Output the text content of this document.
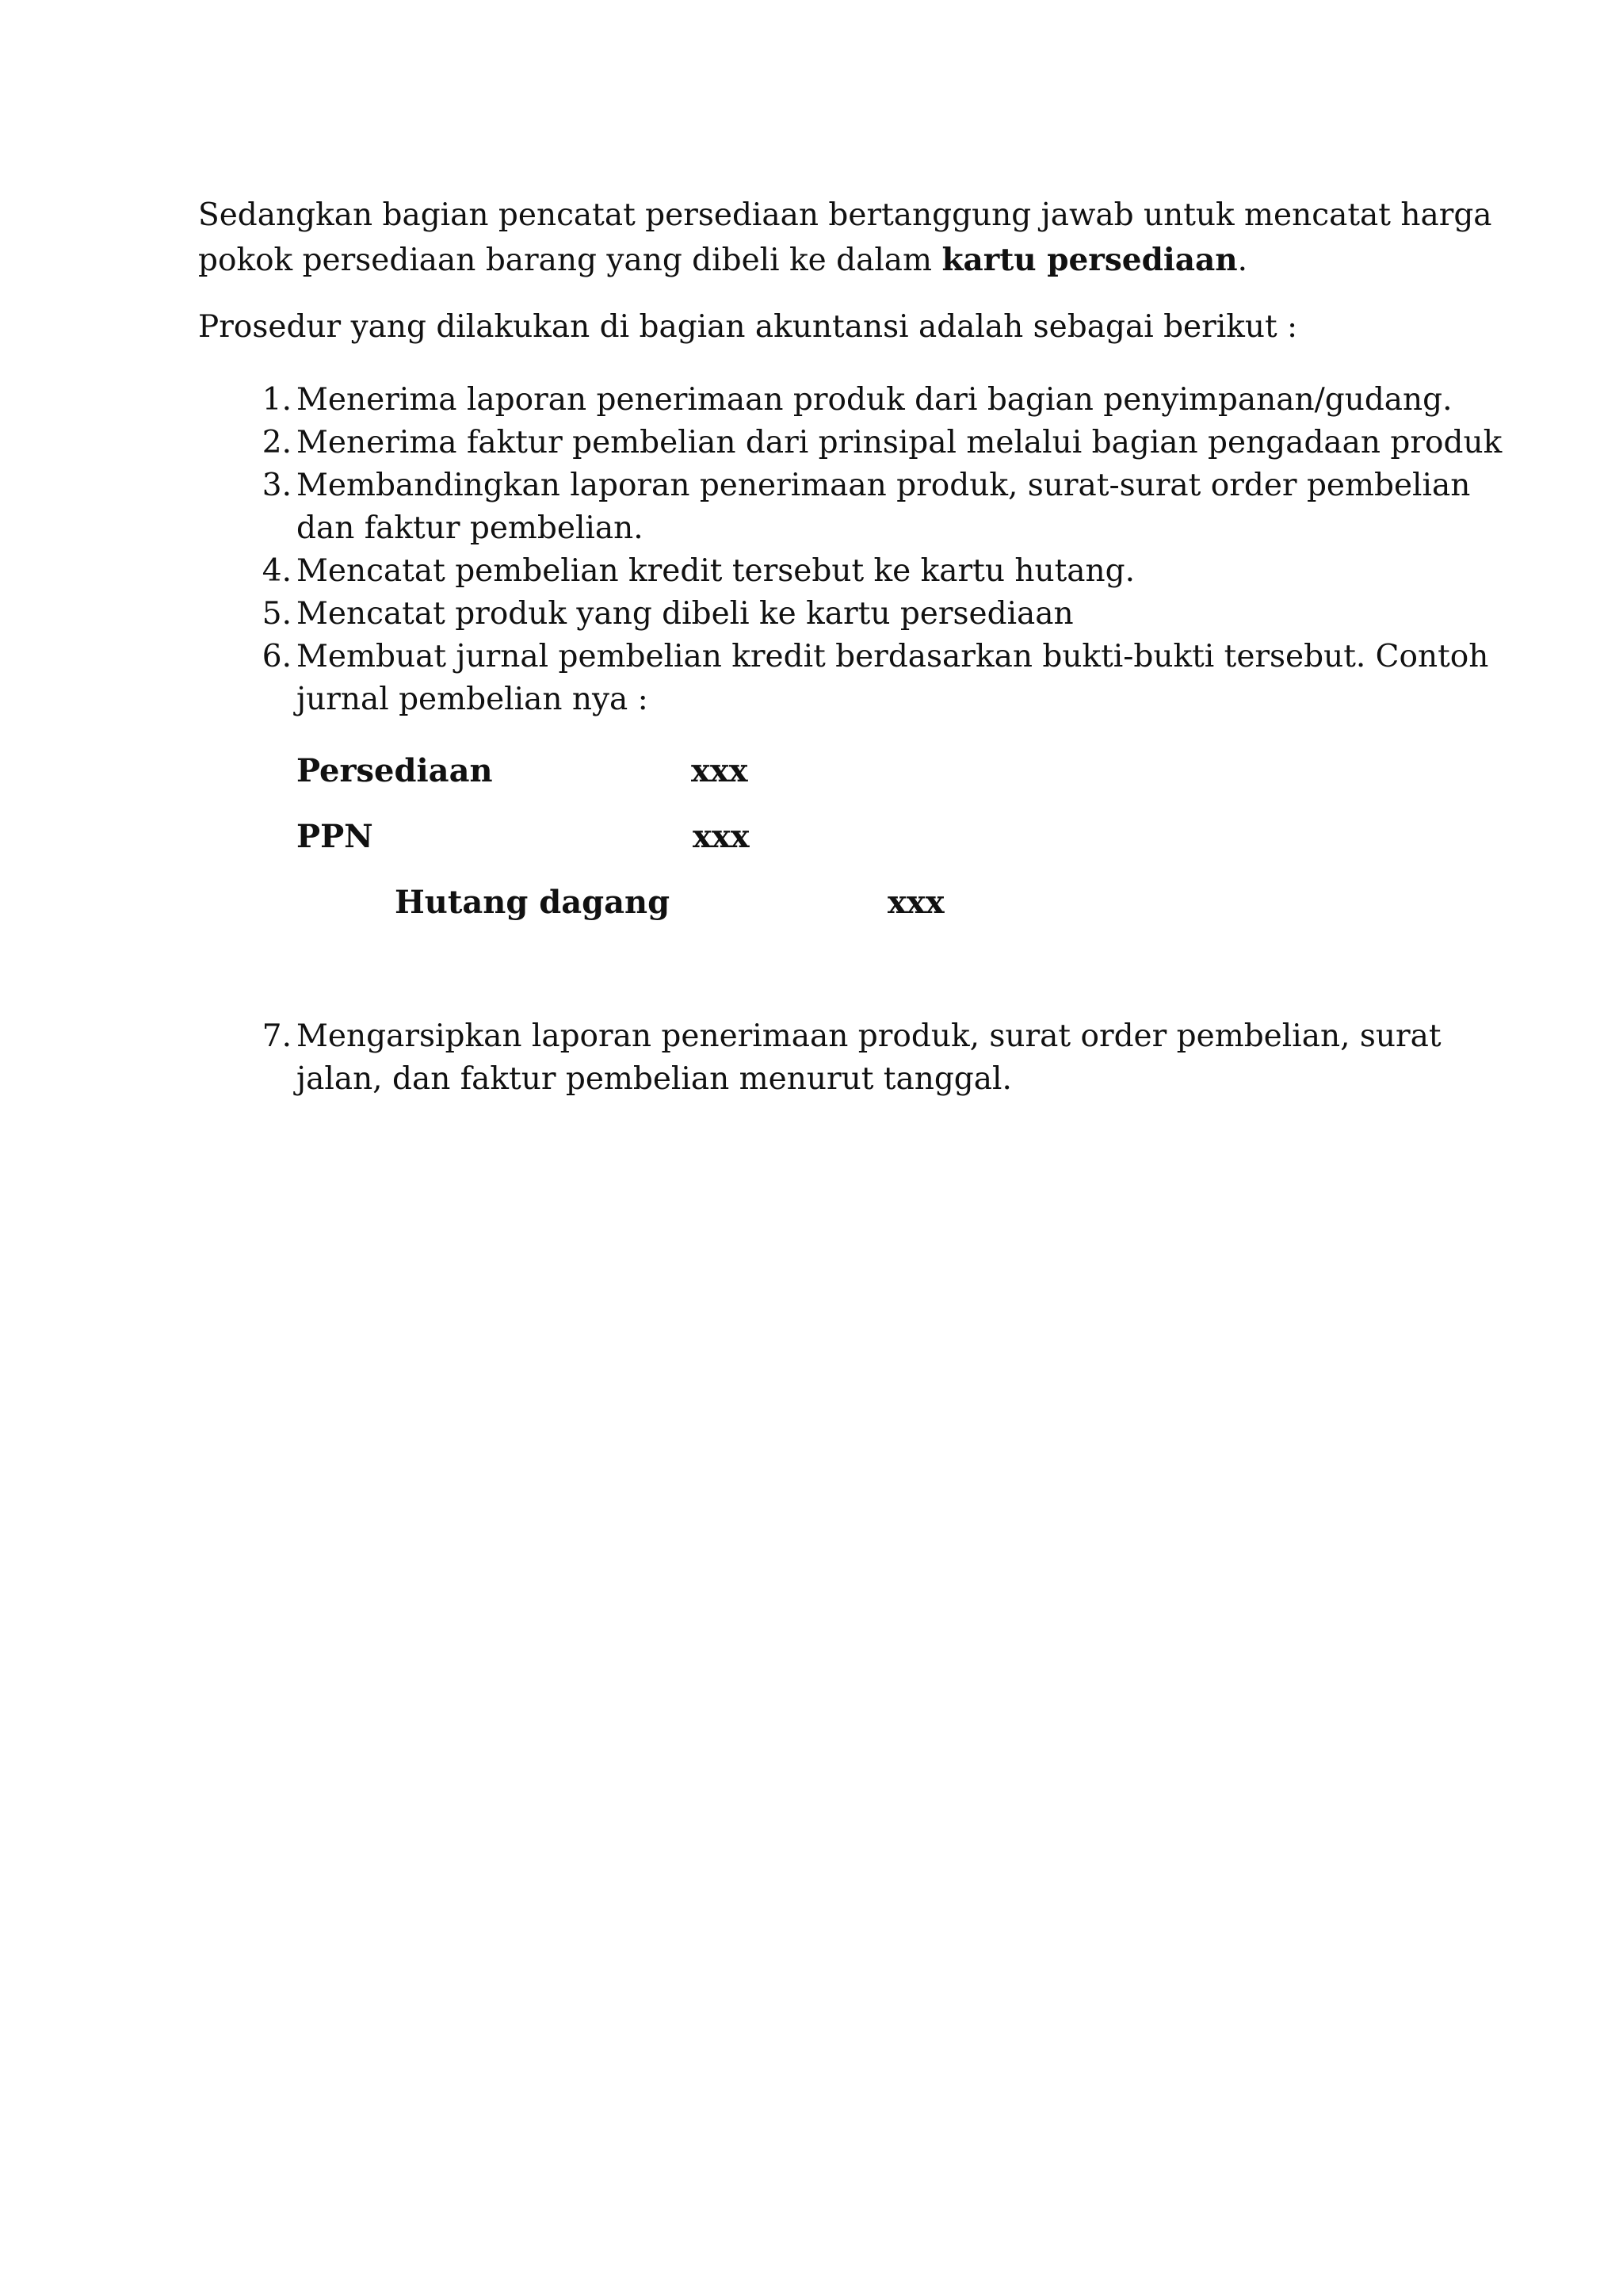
Sedangkan bagian pencatat persediaan bertanggung jawab untuk mencatat harga
pokok persediaan barang yang dibeli ke dalam kartu persediaan.

Prosedur yang dilakukan di bagian akuntansi adalah sebagai berikut :

1. Menerima laporan penerimaan produk dari bagian penyimpanan/gudang.
2. Menerima faktur pembelian dari prinsipal melalui bagian pengadaan produk
3. Membandingkan laporan penerimaan produk, surat-surat order pembelian
dan faktur pembelian.
4. Mencatat pembelian kredit tersebut ke kartu hutang.
5. Mencatat produk yang dibeli ke kartu persediaan
6. Membuat jurnal pembelian kredit berdasarkan bukti-bukti tersebut. Contoh
jurnal pembelian nya :
Persediaan	xxx
PPN	xxx
Hutang dagang	xxx
7. Mengarsipkan laporan penerimaan produk, surat order pembelian, surat
jalan, dan faktur pembelian menurut tanggal.
